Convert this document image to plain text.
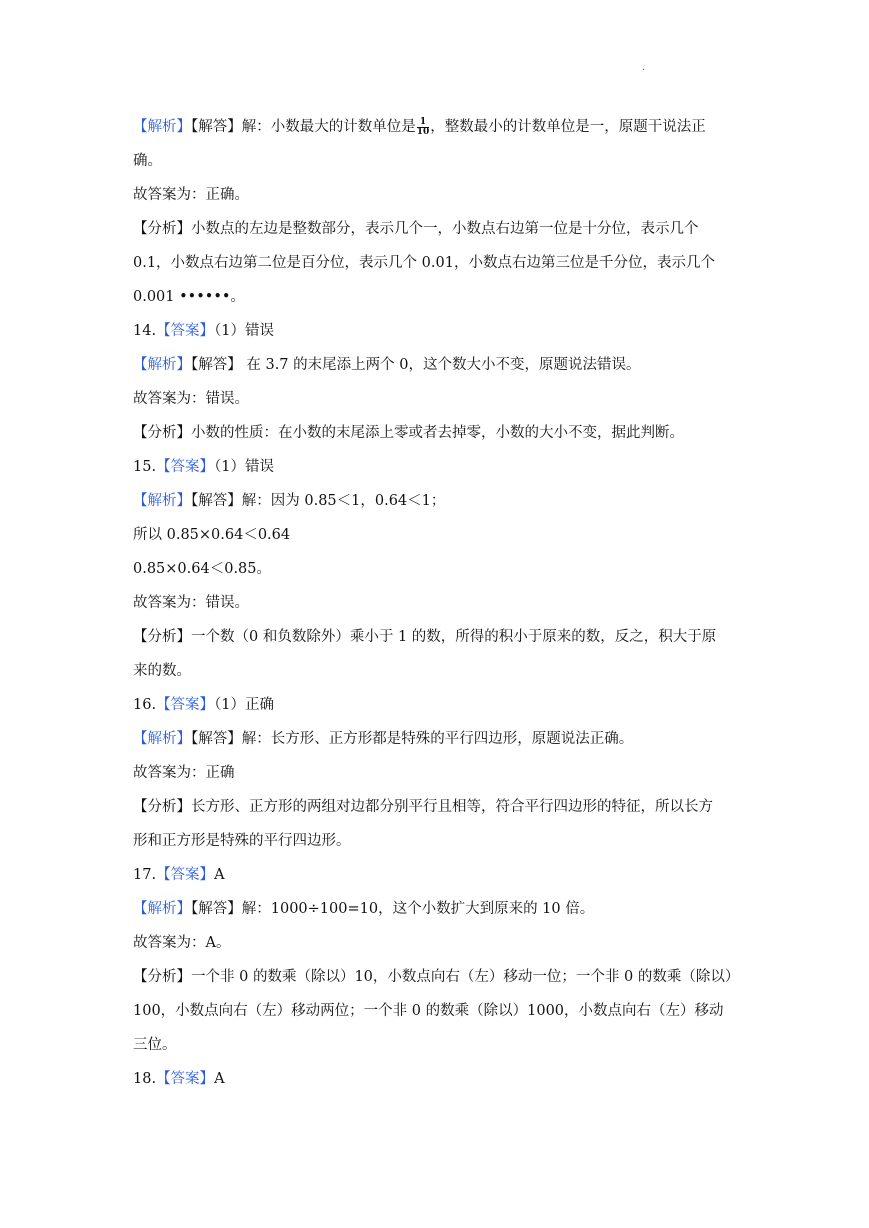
.
【解析】【解答】解：小数最大的计数单位是 $\frac{1}{10}$ ，整数最小的计数单位是一，原题干说法正
确。
故答案为：正确。
【分析】小数点的左边是整数部分，表示几个一，小数点右边第一位是十分位，表示几个
0.1，小数点右边第二位是百分位，表示几个 0.01，小数点右边第三位是千分位，表示几个
0.001 ••••••。
14.【答案】（1）错误
【解析】【解答】 在 3.7 的末尾添上两个 0，这个数大小不变，原题说法错误。
故答案为：错误。
【分析】小数的性质：在小数的末尾添上零或者去掉零，小数的大小不变，据此判断。
15.【答案】（1）错误
【解析】【解答】解：因为 0.85＜1，0.64＜1；
所以 0.85×0.64＜0.64
0.85×0.64＜0.85。
故答案为：错误。
【分析】一个数（0 和负数除外）乘小于 1 的数，所得的积小于原来的数，反之，积大于原
来的数。
16.【答案】（1）正确
【解析】【解答】解：长方形、正方形都是特殊的平行四边形，原题说法正确。
故答案为：正确
【分析】长方形、正方形的两组对边都分别平行且相等，符合平行四边形的特征，所以长方
形和正方形是特殊的平行四边形。
17.【答案】A
【解析】【解答】解：1000÷100=10，这个小数扩大到原来的 10 倍。
故答案为：A。
【分析】一个非 0 的数乘（除以）10，小数点向右（左）移动一位；一个非 0 的数乘（除以）
100，小数点向右（左）移动两位；一个非 0 的数乘（除以）1000，小数点向右（左）移动
三位。
18.【答案】A
